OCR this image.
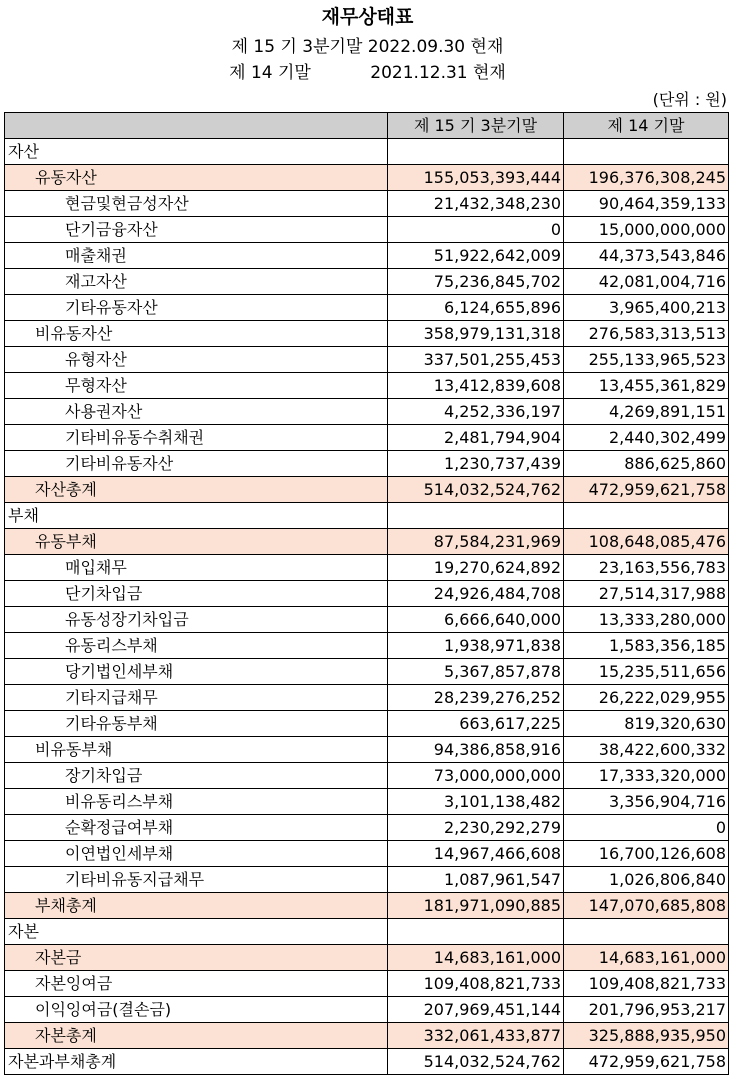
재무상태표
제 15 기 3분기말 2022.09.30 현재
제 14 기말           2021.12.31 현재
(단위 : 원)
	제 15 기 3분기말	제 14 기말
자산		
유동자산	155,053,393,444	196,376,308,245
현금및현금성자산	21,432,348,230	90,464,359,133
단기금융자산	0	15,000,000,000
매출채권	51,922,642,009	44,373,543,846
재고자산	75,236,845,702	42,081,004,716
기타유동자산	6,124,655,896	3,965,400,213
비유동자산	358,979,131,318	276,583,313,513
유형자산	337,501,255,453	255,133,965,523
무형자산	13,412,839,608	13,455,361,829
사용권자산	4,252,336,197	4,269,891,151
기타비유동수취채권	2,481,794,904	2,440,302,499
기타비유동자산	1,230,737,439	886,625,860
자산총계	514,032,524,762	472,959,621,758
부채		
유동부채	87,584,231,969	108,648,085,476
매입채무	19,270,624,892	23,163,556,783
단기차입금	24,926,484,708	27,514,317,988
유동성장기차입금	6,666,640,000	13,333,280,000
유동리스부채	1,938,971,838	1,583,356,185
당기법인세부채	5,367,857,878	15,235,511,656
기타지급채무	28,239,276,252	26,222,029,955
기타유동부채	663,617,225	819,320,630
비유동부채	94,386,858,916	38,422,600,332
장기차입금	73,000,000,000	17,333,320,000
비유동리스부채	3,101,138,482	3,356,904,716
순확정급여부채	2,230,292,279	0
이연법인세부채	14,967,466,608	16,700,126,608
기타비유동지급채무	1,087,961,547	1,026,806,840
부채총계	181,971,090,885	147,070,685,808
자본		
자본금	14,683,161,000	14,683,161,000
자본잉여금	109,408,821,733	109,408,821,733
이익잉여금(결손금)	207,969,451,144	201,796,953,217
자본총계	332,061,433,877	325,888,935,950
자본과부채총계	514,032,524,762	472,959,621,758
